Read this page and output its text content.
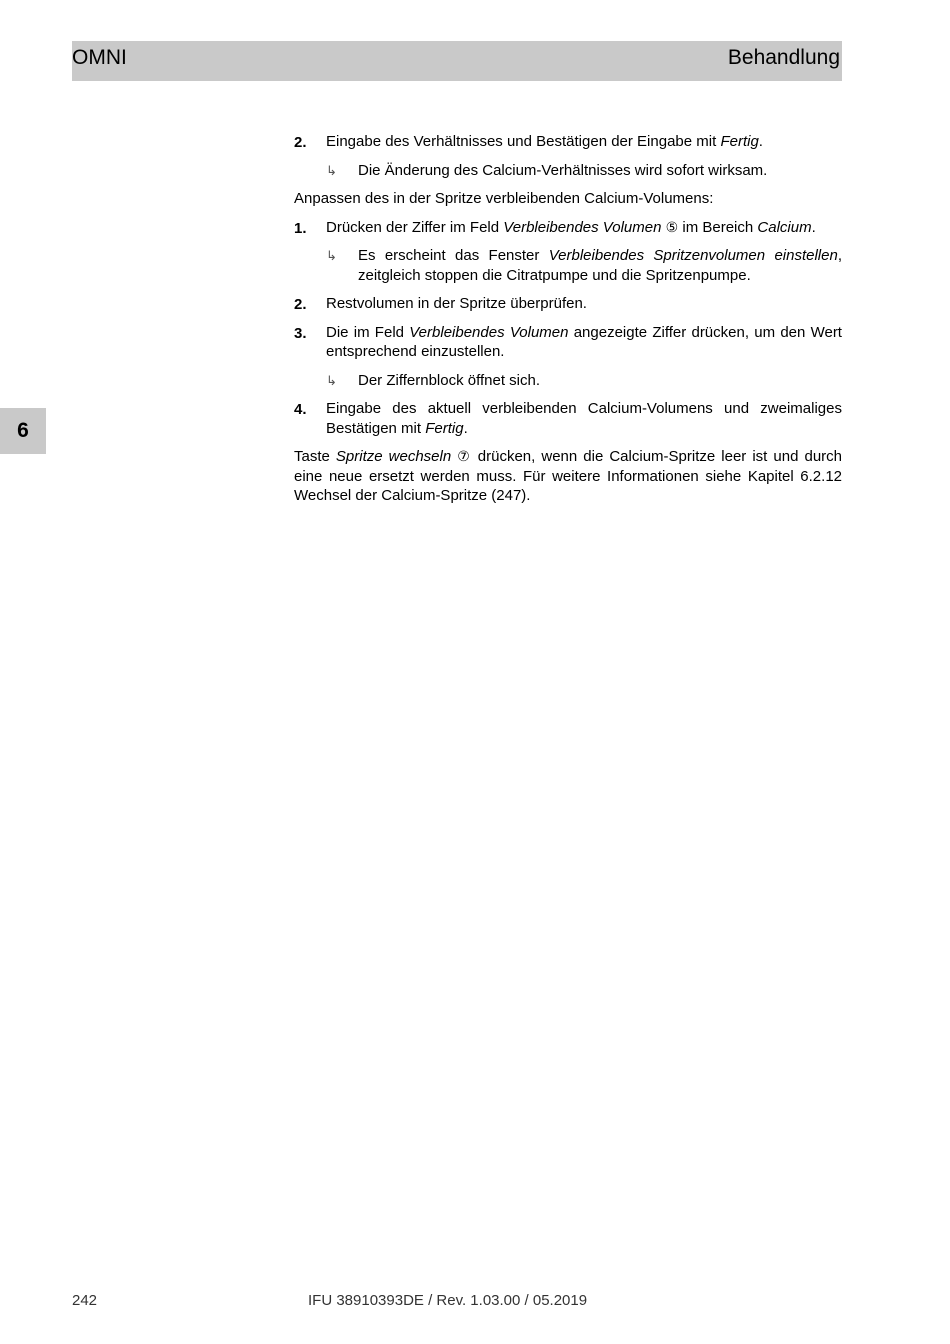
OMNI	Behandlung
6
2. Eingabe des Verhältnisses und Bestätigen der Eingabe mit Fertig.
↳ Die Änderung des Calcium-Verhältnisses wird sofort wirksam.
Anpassen des in der Spritze verbleibenden Calcium-Volumens:
1. Drücken der Ziffer im Feld Verbleibendes Volumen ⑤ im Bereich Calcium.
↳ Es erscheint das Fenster Verbleibendes Spritzenvolumen einstellen, zeitgleich stoppen die Citratpumpe und die Spritzenpumpe.
2. Restvolumen in der Spritze überprüfen.
3. Die im Feld Verbleibendes Volumen angezeigte Ziffer drücken, um den Wert entsprechend einzustellen.
↳ Der Ziffernblock öffnet sich.
4. Eingabe des aktuell verbleibenden Calcium-Volumens und zweimaliges Bestätigen mit Fertig.
Taste Spritze wechseln ⑦ drücken, wenn die Calcium-Spritze leer ist und durch eine neue ersetzt werden muss. Für weitere Informationen siehe Kapitel 6.2.12 Wechsel der Calcium-Spritze (247).
242	IFU 38910393DE / Rev. 1.03.00 / 05.2019
